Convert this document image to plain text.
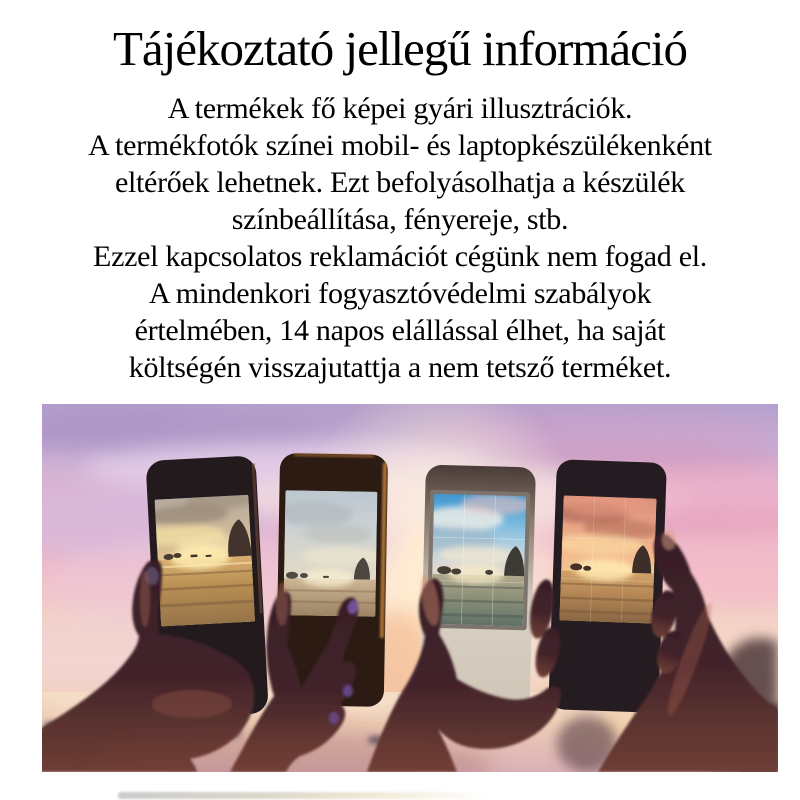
Tájékoztató jellegű információ
A termékek fő képei gyári illusztrációk.
A termékfotók színei mobil- és laptopkészülékenként
eltérőek lehetnek. Ezt befolyásolhatja a készülék
színbeállítása, fényereje, stb.
Ezzel kapcsolatos reklamációt cégünk nem fogad el.
A mindenkori fogyasztóvédelmi szabályok
értelmében, 14 napos elállással élhet, ha saját
költségén visszajutattja a nem tetsző terméket.
